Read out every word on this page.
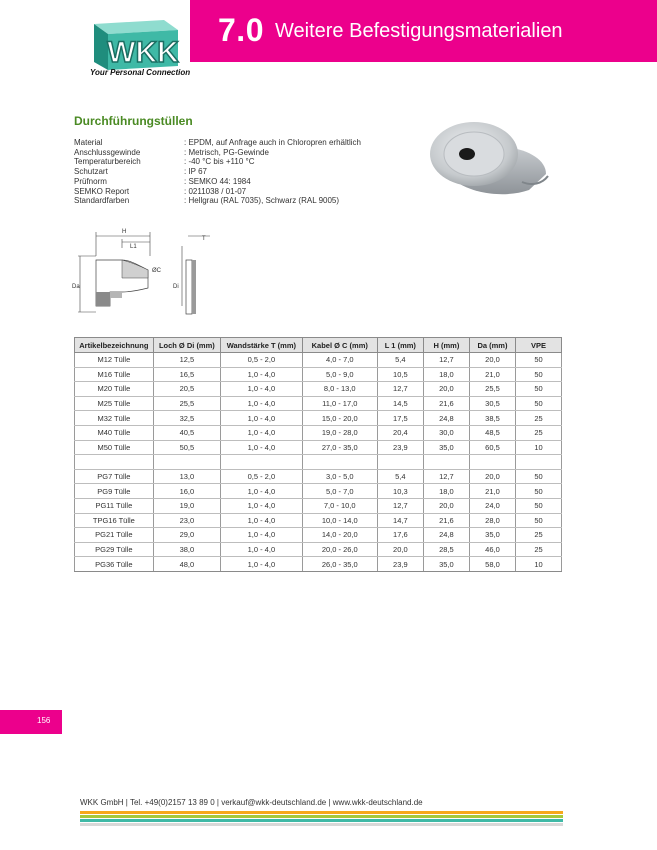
7.0 Weitere Befestigungsmaterialien
WKK
Your Personal Connection
Durchführungstüllen
Material	: EPDM, auf Anfrage auch in Chloropren erhältlich
Anschlussgewinde	: Metrisch, PG-Gewinde
Temperaturbereich	: -40 °C bis +110 °C
Schutzart	: IP 67
Prüfnorm	: SEMKO 44: 1984
SEMKO Report	: 0211038 / 01-07
Standardfarben	: Hellgrau (RAL 7035), Schwarz (RAL 9005)
H
L1
T
Da	Di
ØC
Artikelbezeichnung	Loch Ø Di (mm)	Wandstärke T (mm)	Kabel Ø C (mm)	L 1 (mm)	H (mm)	Da (mm)	VPE
M12 Tülle	12,5	0,5 - 2,0	4,0 - 7,0	5,4	12,7	20,0	50
M16 Tülle	16,5	1,0 - 4,0	5,0 - 9,0	10,5	18,0	21,0	50
M20 Tülle	20,5	1,0 - 4,0	8,0 - 13,0	12,7	20,0	25,5	50
M25 Tülle	25,5	1,0 - 4,0	11,0 - 17,0	14,5	21,6	30,5	50
M32 Tülle	32,5	1,0 - 4,0	15,0 - 20,0	17,5	24,8	38,5	25
M40 Tülle	40,5	1,0 - 4,0	19,0 - 28,0	20,4	30,0	48,5	25
M50 Tülle	50,5	1,0 - 4,0	27,0 - 35,0	23,9	35,0	60,5	10

PG7 Tülle	13,0	0,5 - 2,0	3,0 - 5,0	5,4	12,7	20,0	50
PG9 Tülle	16,0	1,0 - 4,0	5,0 - 7,0	10,3	18,0	21,0	50
PG11 Tülle	19,0	1,0 - 4,0	7,0 - 10,0	12,7	20,0	24,0	50
TPG16 Tülle	23,0	1,0 - 4,0	10,0 - 14,0	14,7	21,6	28,0	50
PG21 Tülle	29,0	1,0 - 4,0	14,0 - 20,0	17,6	24,8	35,0	25
PG29 Tülle	38,0	1,0 - 4,0	20,0 - 26,0	20,0	28,5	46,0	25
PG36 Tülle	48,0	1,0 - 4,0	26,0 - 35,0	23,9	35,0	58,0	10
156
WKK GmbH | Tel. +49(0)2157 13 89 0 | verkauf@wkk-deutschland.de | www.wkk-deutschland.de
